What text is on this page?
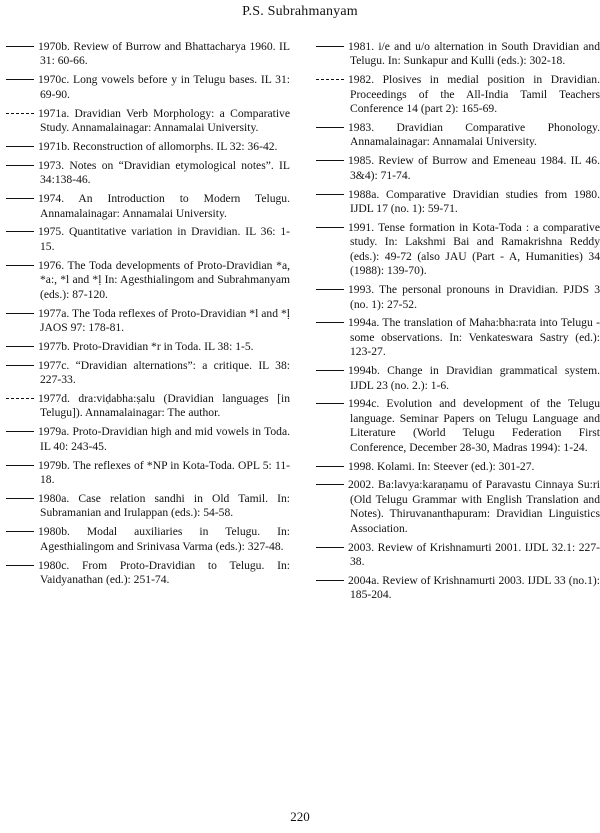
P.S. Subrahmanyam
1970b. Review of Burrow and Bhattacharya 1960. IL 31: 60-66.
1970c. Long vowels before y in Telugu bases. IL 31: 69-90.
1971a. Dravidian Verb Morphology: a Comparative Study. Annamalainagar: Annamalai University.
1971b. Reconstruction of allomorphs. IL 32: 36-42.
1973. Notes on “Dravidian etymological notes”. IL 34:138-46.
1974. An Introduction to Modern Telugu. Annamalainagar: Annamalai University.
1975. Quantitative variation in Dravidian. IL 36: 1-15.
1976. The Toda developments of Proto-Dravidian *a, *a:, *l and *ḷ In: Agesthialingom and Subrahmanyam (eds.): 87-120.
1977a. The Toda reflexes of Proto-Dravidian *l and *ḷ JAOS 97: 178-81.
1977b. Proto-Dravidian *r in Toda. IL 38: 1-5.
1977c. “Dravidian alternations”: a critique. IL 38: 227-33.
1977d. dra:viḍabha:ṣalu (Dravidian languages [in Telugu]). Annamalainagar: The author.
1979a. Proto-Dravidian high and mid vowels in Toda. IL 40: 243-45.
1979b. The reflexes of *NP in Kota-Toda. OPL 5: 11-18.
1980a. Case relation sandhi in Old Tamil. In: Subramanian and Irulappan (eds.): 54-58.
1980b. Modal auxiliaries in Telugu. In: Agesthialingom and Srinivasa Varma (eds.): 327-48.
1980c. From Proto-Dravidian to Telugu. In: Vaidyanathan (ed.): 251-74.
1981. i/e and u/o alternation in South Dravidian and Telugu. In: Sunkapur and Kulli (eds.): 302-18.
1982. Plosives in medial position in Dravidian. Proceedings of the All-India Tamil Teachers Conference 14 (part 2): 165-69.
1983. Dravidian Comparative Phonology. Annamalainagar: Annamalai University.
1985. Review of Burrow and Emeneau 1984. IL 46. 3&4): 71-74.
1988a. Comparative Dravidian studies from 1980. IJDL 17 (no. 1): 59-71.
1991. Tense formation in Kota-Toda : a comparative study. In: Lakshmi Bai and Ramakrishna Reddy (eds.): 49-72 (also JAU (Part - A, Humanities) 34 (1988): 139-70).
1993. The personal pronouns in Dravidian. PJDS 3 (no. 1): 27-52.
1994a. The translation of Maha:bha:rata into Telugu - some observations. In: Venkateswara Sastry (ed.): 123-27.
1994b. Change in Dravidian grammatical system. IJDL 23 (no. 2.): 1-6.
1994c. Evolution and development of the Telugu language. Seminar Papers on Telugu Language and Literature (World Telugu Federation First Conference, December 28-30, Madras 1994): 1-24.
1998. Kolami. In: Steever (ed.): 301-27.
2002. Ba:lavya:karaṇamu of Paravastu Cinnaya Su:ri (Old Telugu Grammar with English Translation and Notes). Thiruvananthapuram: Dravidian Linguistics Association.
2003. Review of Krishnamurti 2001. IJDL 32.1: 227-38.
2004a. Review of Krishnamurti 2003. IJDL 33 (no.1): 185-204.
220
